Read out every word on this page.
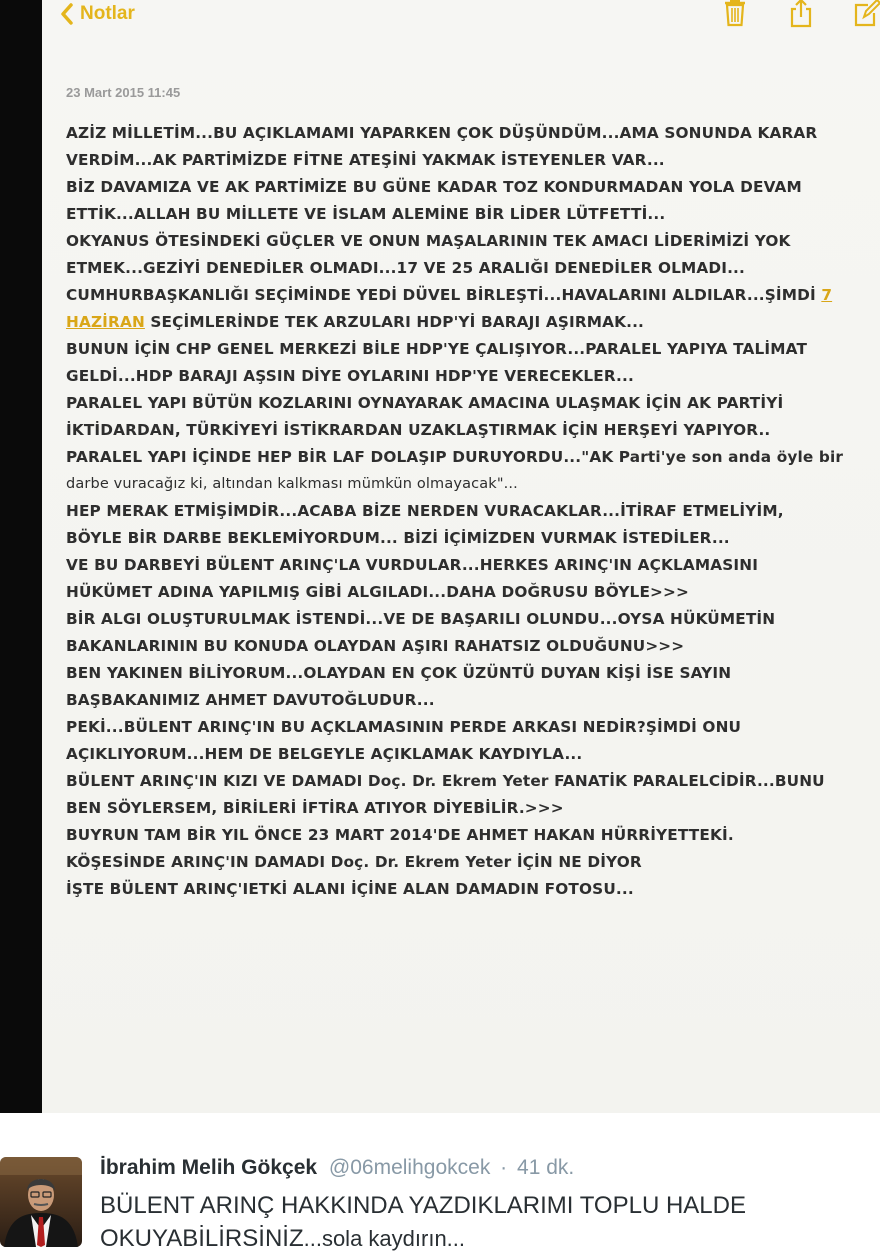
Notlar
23 Mart 2015 11:45
AZİZ MİLLETİM...BU AÇIKLAMAMI YAPARKEN ÇOK DÜŞÜNDÜM...AMA SONUNDA KARAR
VERDİM...AK PARTİMİZDE FİTNE ATEŞİNİ YAKMAK İSTEYENLER VAR...
BİZ DAVAMIZA VE AK PARTİMİZE BU GÜNE KADAR TOZ KONDURMADAN YOLA DEVAM
ETTİK...ALLAH BU MİLLETE VE İSLAM ALEMİNE BİR LİDER LÜTFETTİ...
OKYANUS ÖTESİNDEKİ GÜÇLER VE ONUN MAŞALARININ TEK AMACI LİDERİMİZİ YOK
ETMEK...GEZİYİ DENEDİLER OLMADI...17 VE 25 ARALIĞI DENEDİLER OLMADI...
CUMHURBAŞKANLIĞI SEÇİMİNDE YEDİ DÜVEL BİRLEŞTİ...HAVALARINI ALDILAR...ŞİMDİ 7
HAZİRAN SEÇİMLERİNDE TEK ARZULARI HDP'Yİ BARAJI AŞIRMAK...
BUNUN İÇİN CHP GENEL MERKEZİ BİLE HDP'YE ÇALIŞIYOR...PARALEL YAPIYA TALİMAT
GELDİ...HDP BARAJI AŞSIN DİYE OYLARINI HDP'YE VERECEKLER...
PARALEL YAPI BÜTÜN KOZLARINI OYNAYARAK AMACINA ULAŞMAK İÇİN AK PARTİYİ
İKTİDARDAN, TÜRKİYEYİ İSTİKRARDAN UZAKLAŞTIRMAK İÇİN HERŞEYİ YAPIYOR..
PARALEL YAPI İÇİNDE HEP BİR LAF DOLAŞIP DURUYORDU..."AK Parti'ye son anda öyle bir
darbe vuracağız ki, altından kalkması mümkün olmayacak"...
HEP MERAK ETMİŞİMDİR...ACABA BİZE NERDEN VURACAKLAR...İTİRAF ETMELİYİM,
BÖYLE BİR DARBE BEKLEMİYORDUM... BİZİ İÇİMİZDEN VURMAK İSTEDİLER...
VE BU DARBEYİ BÜLENT ARINÇ'LA VURDULAR...HERKES ARINÇ'IN AÇKLAMASINI
HÜKÜMET ADINA YAPILMIŞ GİBİ ALGILADI...DAHA DOĞRUSU BÖYLE>>>
BİR ALGI OLUŞTURULMAK İSTENDİ...VE DE BAŞARILI OLUNDU...OYSA HÜKÜMETİN
BAKANLARININ BU KONUDA OLAYDAN AŞIRI RAHATSIZ OLDUĞUNU>>>
BEN YAKINEN BİLİYORUM...OLAYDAN EN ÇOK ÜZÜNTÜ DUYAN KİŞİ İSE SAYIN
BAŞBAKANIMIZ AHMET DAVUTOĞLUDUR...
PEKİ...BÜLENT ARINÇ'IN BU AÇKLAMASININ PERDE ARKASI NEDİR?ŞİMDİ ONU
AÇIKLIYORUM...HEM DE BELGEYLE AÇIKLAMAK KAYDIYLA...
BÜLENT ARINÇ'IN KIZI VE DAMADI Doç. Dr. Ekrem Yeter FANATİK PARALELCİDİR...BUNU
BEN SÖYLERSEM, BİRİLERİ İFTİRA ATIYOR DİYEBİLİR.>>>
BUYRUN TAM BİR YIL ÖNCE 23 MART 2014'DE AHMET HAKAN HÜRRİYETTEKİ.
KÖŞESİNDE ARINÇ'IN DAMADI Doç. Dr. Ekrem Yeter İÇİN NE DİYOR
İŞTE BÜLENT ARINÇ'IETKİ ALANI İÇİNE ALAN DAMADIN FOTOSU...
İbrahim Melih Gökçek @06melihgokcek · 41 dk.
BÜLENT ARINÇ HAKKINDA YAZDIKLARIMI TOPLU HALDE
OKUYABİLİRSİNİZ...sola kaydırın...
